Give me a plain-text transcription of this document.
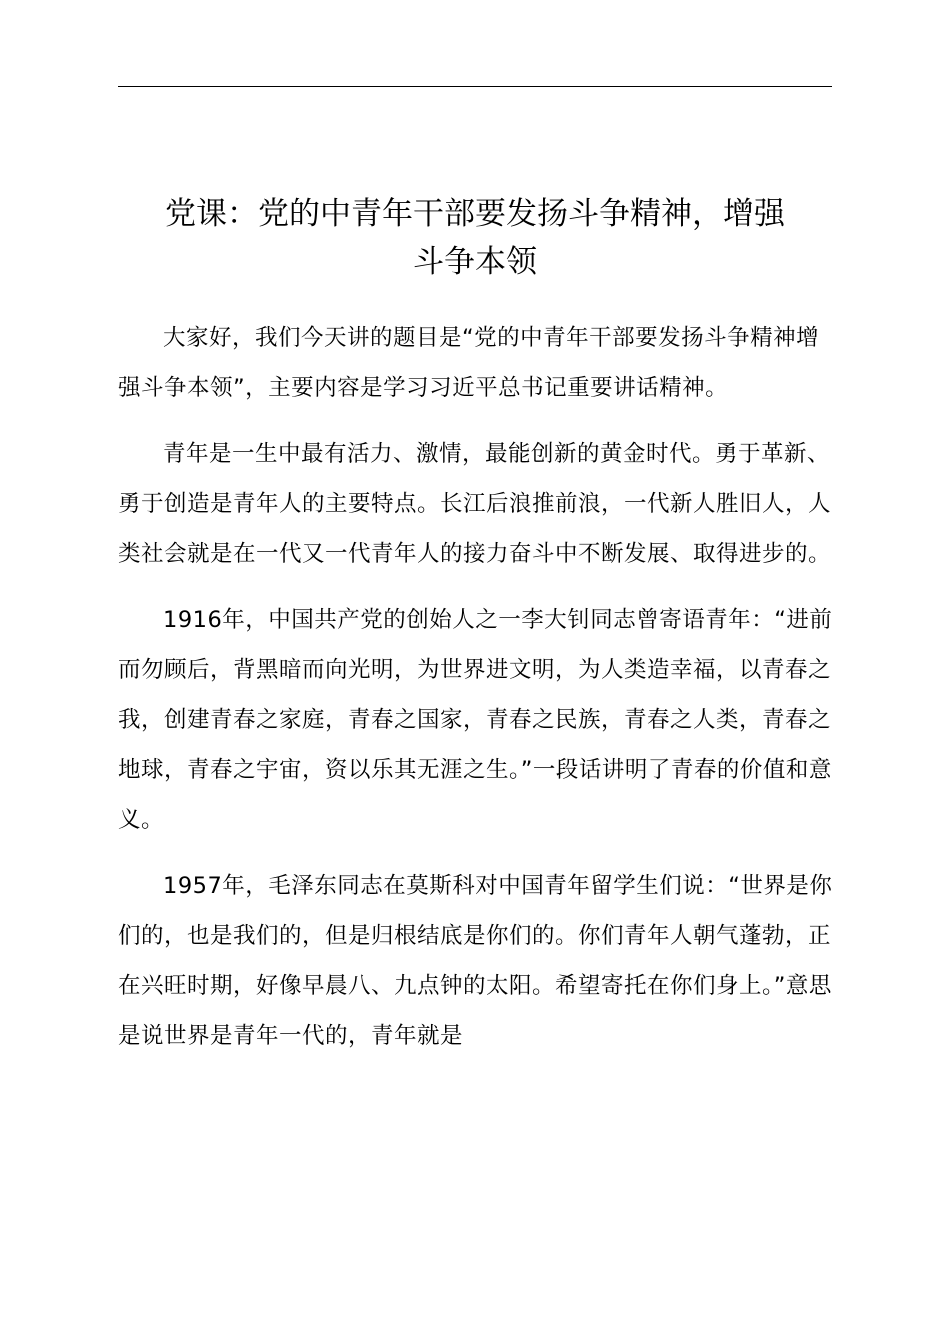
党课：党的中青年干部要发扬斗争精神，增强
斗争本领

大家好，我们今天讲的题目是“党的中青年干部要发扬斗争精神增强斗争本领”，主要内容是学习习近平总书记重要讲话精神。

青年是一生中最有活力、激情，最能创新的黄金时代。勇于革新、勇于创造是青年人的主要特点。长江后浪推前浪，一代新人胜旧人，人类社会就是在一代又一代青年人的接力奋斗中不断发展、取得进步的。

1916年，中国共产党的创始人之一李大钊同志曾寄语青年：“进前而勿顾后，背黑暗而向光明，为世界进文明，为人类造幸福，以青春之我，创建青春之家庭，青春之国家，青春之民族，青春之人类，青春之地球，青春之宇宙，资以乐其无涯之生。”一段话讲明了青春的价值和意义。

1957年，毛泽东同志在莫斯科对中国青年留学生们说：“世界是你们的，也是我们的，但是归根结底是你们的。你们青年人朝气蓬勃，正在兴旺时期，好像早晨八、九点钟的太阳。希望寄托在你们身上。”意思是说世界是青年一代的，青年就是
